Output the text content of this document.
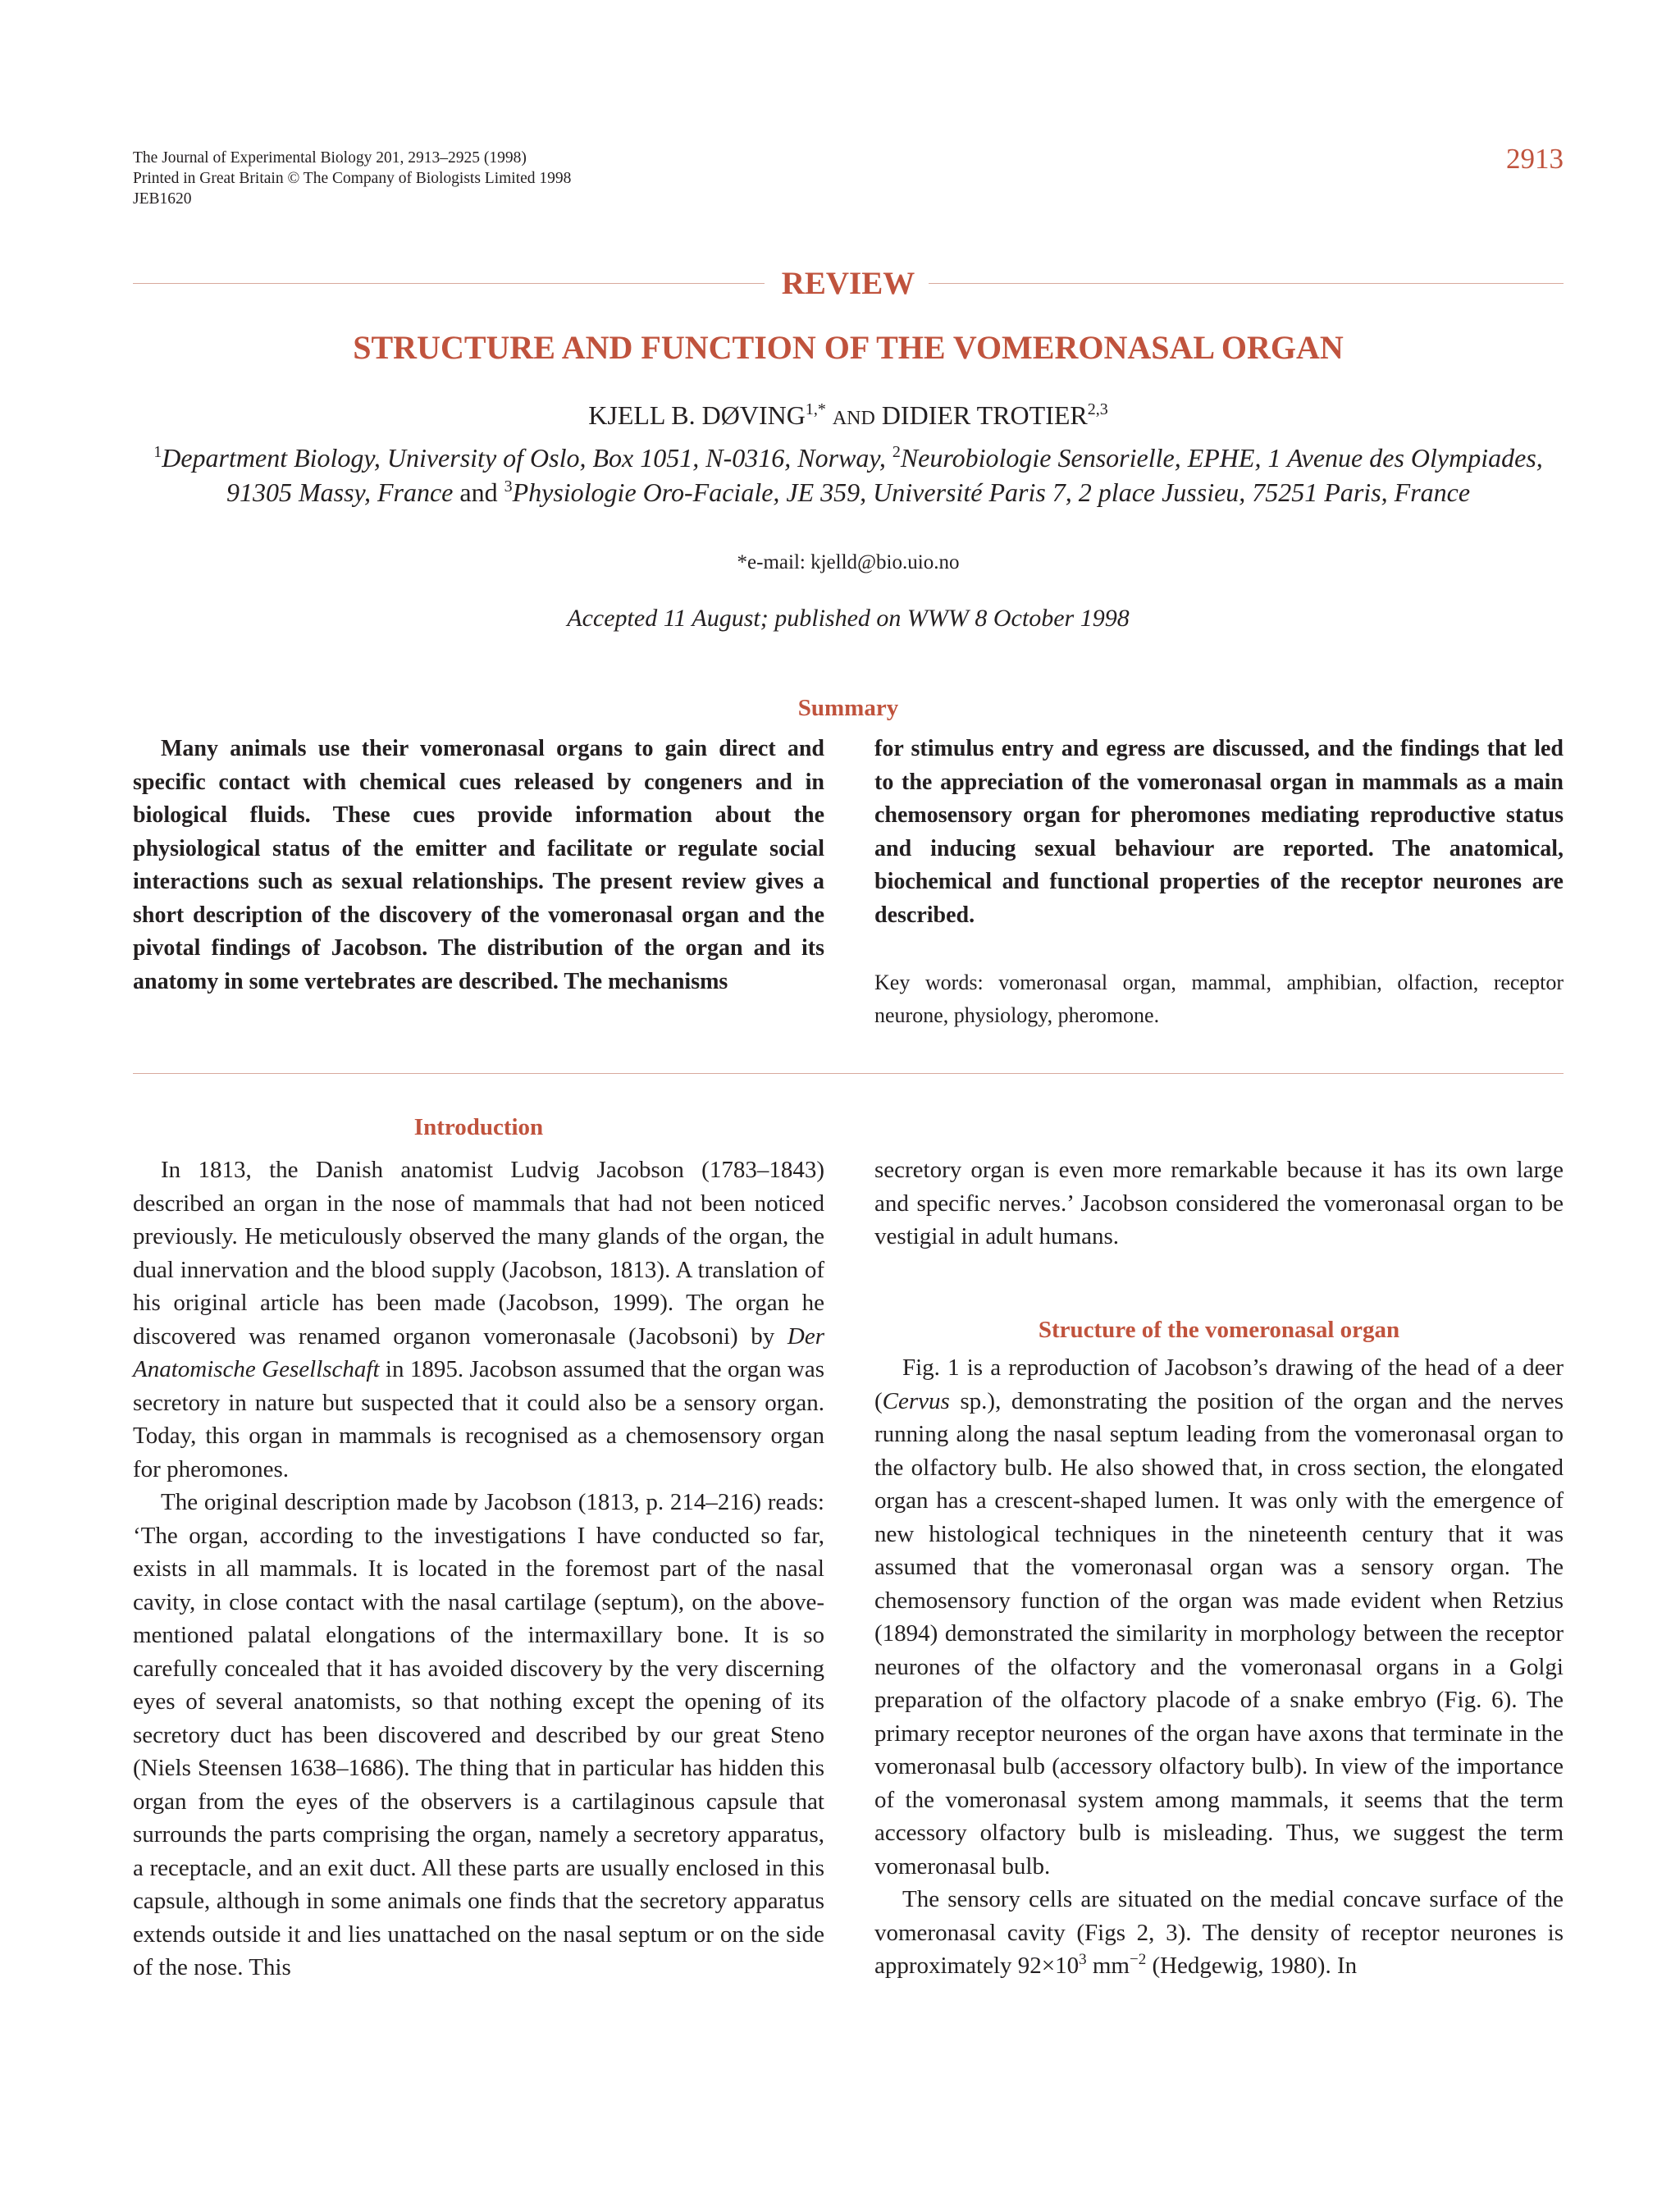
The Journal of Experimental Biology 201, 2913–2925 (1998)
Printed in Great Britain © The Company of Biologists Limited 1998
JEB1620
2913
REVIEW
STRUCTURE AND FUNCTION OF THE VOMERONASAL ORGAN
KJELL B. $DØVING^{1,*}$ AND DIDIER TROTIER$^{2,3}$
$^1$Department Biology, University of Oslo, Box 1051, N-0316, Norway, $^2$Neurobiologie Sensorielle, EPHE, 1 Avenue des Olympiades, 91305 Massy, France and $^3$Physiologie Oro-Faciale, JE 359, Université Paris 7, 2 place Jussieu, 75251 Paris, France
*e-mail: kjelld@bio.uio.no
Accepted 11 August; published on WWW 8 October 1998
Summary
Many animals use their vomeronasal organs to gain direct and specific contact with chemical cues released by congeners and in biological fluids. These cues provide information about the physiological status of the emitter and facilitate or regulate social interactions such as sexual relationships. The present review gives a short description of the discovery of the vomeronasal organ and the pivotal findings of Jacobson. The distribution of the organ and its anatomy in some vertebrates are described. The mechanisms
for stimulus entry and egress are discussed, and the findings that led to the appreciation of the vomeronasal organ in mammals as a main chemosensory organ for pheromones mediating reproductive status and inducing sexual behaviour are reported. The anatomical, biochemical and functional properties of the receptor neurones are described.
Key words: vomeronasal organ, mammal, amphibian, olfaction, receptor neurone, physiology, pheromone.
Introduction

In 1813, the Danish anatomist Ludvig Jacobson (1783–1843) described an organ in the nose of mammals that had not been noticed previously. He meticulously observed the many glands of the organ, the dual innervation and the blood supply (Jacobson, 1813). A translation of his original article has been made (Jacobson, 1999). The organ he discovered was renamed organon vomeronasale (Jacobsoni) by Der Anatomische Gesellschaft in 1895. Jacobson assumed that the organ was secretory in nature but suspected that it could also be a sensory organ. Today, this organ in mammals is recognised as a chemosensory organ for pheromones.

The original description made by Jacobson (1813, p. 214–216) reads: ‘The organ, according to the investigations I have conducted so far, exists in all mammals. It is located in the foremost part of the nasal cavity, in close contact with the nasal cartilage (septum), on the above-mentioned palatal elongations of the intermaxillary bone. It is so carefully concealed that it has avoided discovery by the very discerning eyes of several anatomists, so that nothing except the opening of its secretory duct has been discovered and described by our great Steno (Niels Steensen 1638–1686). The thing that in particular has hidden this organ from the eyes of the observers is a cartilaginous capsule that surrounds the parts comprising the organ, namely a secretory apparatus, a receptacle, and an exit duct. All these parts are usually enclosed in this capsule, although in some animals one finds that the secretory apparatus extends outside it and lies unattached on the nasal septum or on the side of the nose. This

secretory organ is even more remarkable because it has its own large and specific nerves.’ Jacobson considered the vomeronasal organ to be vestigial in adult humans.

Structure of the vomeronasal organ

Fig. 1 is a reproduction of Jacobson’s drawing of the head of a deer (Cervus sp.), demonstrating the position of the organ and the nerves running along the nasal septum leading from the vomeronasal organ to the olfactory bulb. He also showed that, in cross section, the elongated organ has a crescent-shaped lumen. It was only with the emergence of new histological techniques in the nineteenth century that it was assumed that the vomeronasal organ was a sensory organ. The chemosensory function of the organ was made evident when Retzius (1894) demonstrated the similarity in morphology between the receptor neurones of the olfactory and the vomeronasal organs in a Golgi preparation of the olfactory placode of a snake embryo (Fig. 6). The primary receptor neurones of the organ have axons that terminate in the vomeronasal bulb (accessory olfactory bulb). In view of the importance of the vomeronasal system among mammals, it seems that the term accessory olfactory bulb is misleading. Thus, we suggest the term vomeronasal bulb.

The sensory cells are situated on the medial concave surface of the vomeronasal cavity (Figs 2, 3). The density of receptor neurones is approximately $92\times 10^3$ $mm^{-2}$ (Hedgewig, 1980). In
